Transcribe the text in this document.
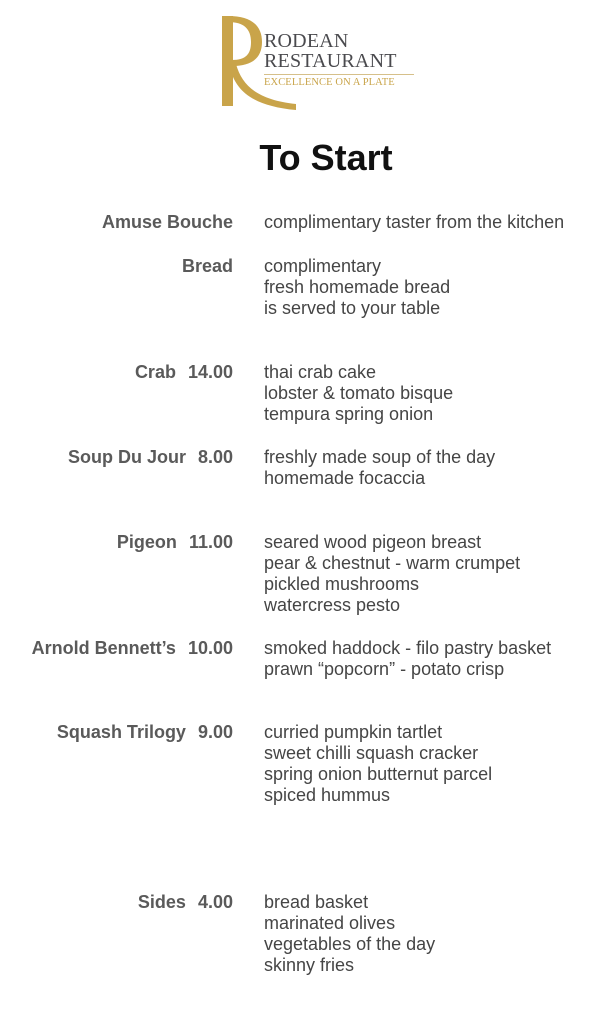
RODEAN
RESTAURANT
EXCELLENCE ON A PLATE
To Start
Amuse Bouche complimentary taster from the kitchen
Bread complimentary
fresh homemade bread
is served to your table
Crab 14.00 thai crab cake
lobster & tomato bisque
tempura spring onion
Soup Du Jour 8.00 freshly made soup of the day
homemade focaccia
Pigeon 11.00 seared wood pigeon breast
pear & chestnut - warm crumpet
pickled mushrooms
watercress pesto
Arnold Bennett’s 10.00 smoked haddock - filo pastry basket
prawn “popcorn” - potato crisp
Squash Trilogy 9.00 curried pumpkin tartlet
sweet chilli squash cracker
spring onion butternut parcel
spiced hummus
Sides 4.00 bread basket
marinated olives
vegetables of the day
skinny fries
